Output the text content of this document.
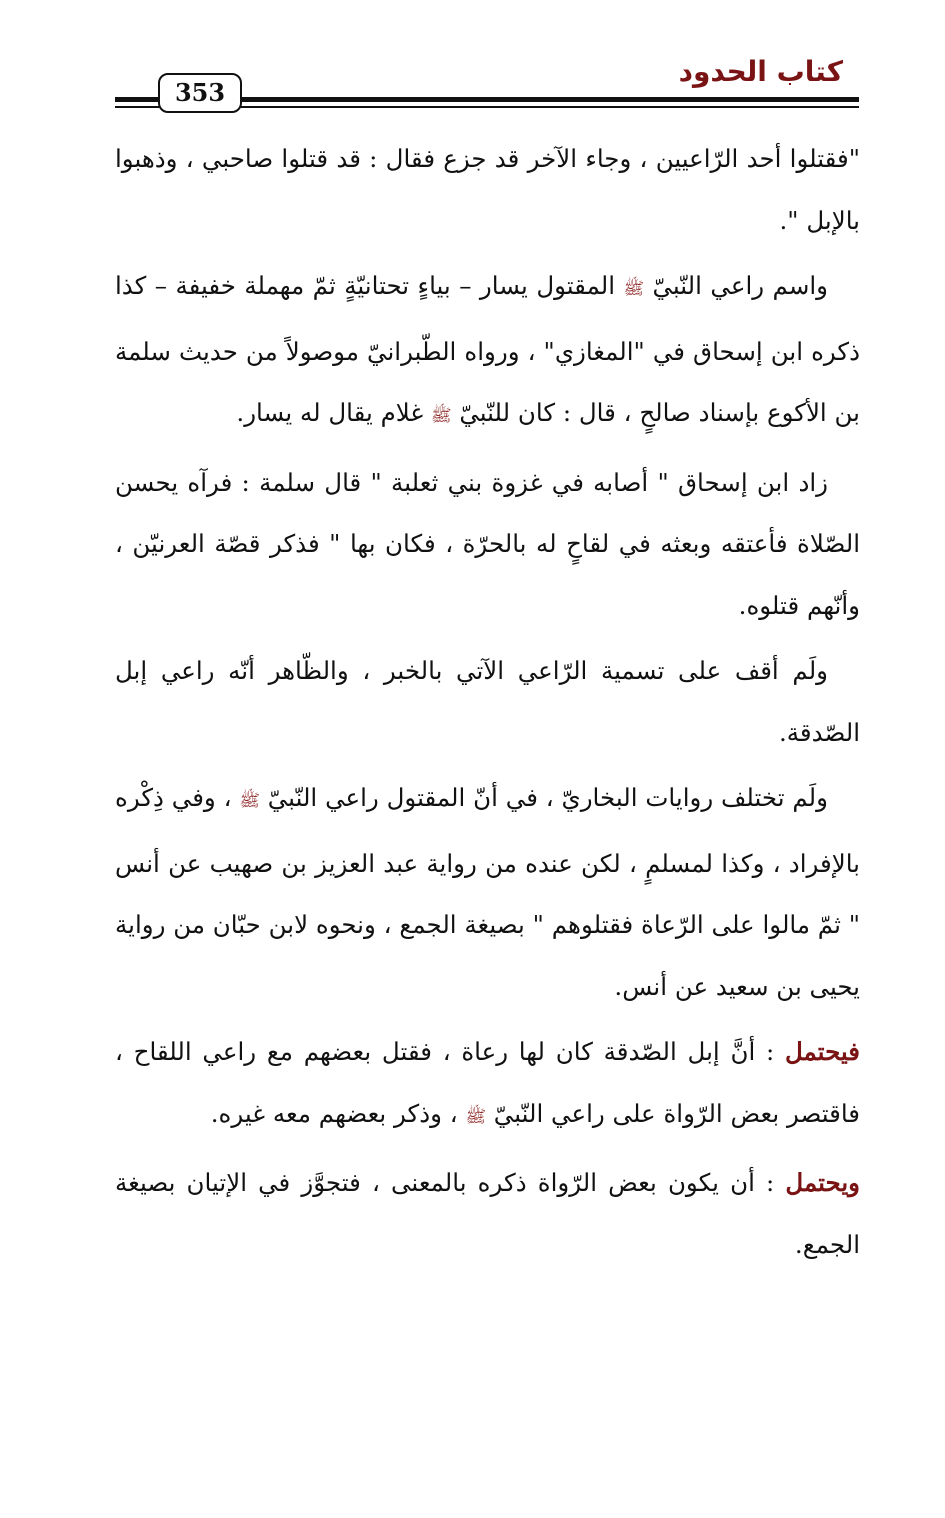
كتاب الحدود
353

"فقتلوا أحد الرّاعيين ، وجاء الآخر قد جزع فقال : قد قتلوا صاحبي ، وذهبوا بالإبل ".

واسم راعي النّبيّ ﷺ المقتول يسار – بياءٍ تحتانيّةٍ ثمّ مهملة خفيفة – كذا ذكره ابن إسحاق في "المغازي" ، ورواه الطّبرانيّ موصولاً من حديث سلمة بن الأكوع بإسناد صالحٍ ، قال : كان للنّبيّ ﷺ غلام يقال له يسار.

زاد ابن إسحاق " أصابه في غزوة بني ثعلبة " قال سلمة : فرآه يحسن الصّلاة فأعتقه وبعثه في لقاحٍ له بالحرّة ، فكان بها " فذكر قصّة العرنيّن ، وأنّهم قتلوه.

ولَم أقف على تسمية الرّاعي الآتي بالخبر ، والظّاهر أنّه راعي إبل الصّدقة.

ولَم تختلف روايات البخاريّ ، في أنّ المقتول راعي النّبيّ ﷺ ، وفي ذِكْره بالإفراد ، وكذا لمسلمٍ ، لكن عنده من رواية عبد العزيز بن صهيب عن أنس " ثمّ مالوا على الرّعاة فقتلوهم " بصيغة الجمع ، ونحوه لابن حبّان من رواية يحيى بن سعيد عن أنس.

فيحتمل : أنَّ إبل الصّدقة كان لها رعاة ، فقتل بعضهم مع راعي اللقاح ، فاقتصر بعض الرّواة على راعي النّبيّ ﷺ ، وذكر بعضهم معه غيره.

ويحتمل : أن يكون بعض الرّواة ذكره بالمعنى ، فتجوَّز في الإتيان بصيغة الجمع.
